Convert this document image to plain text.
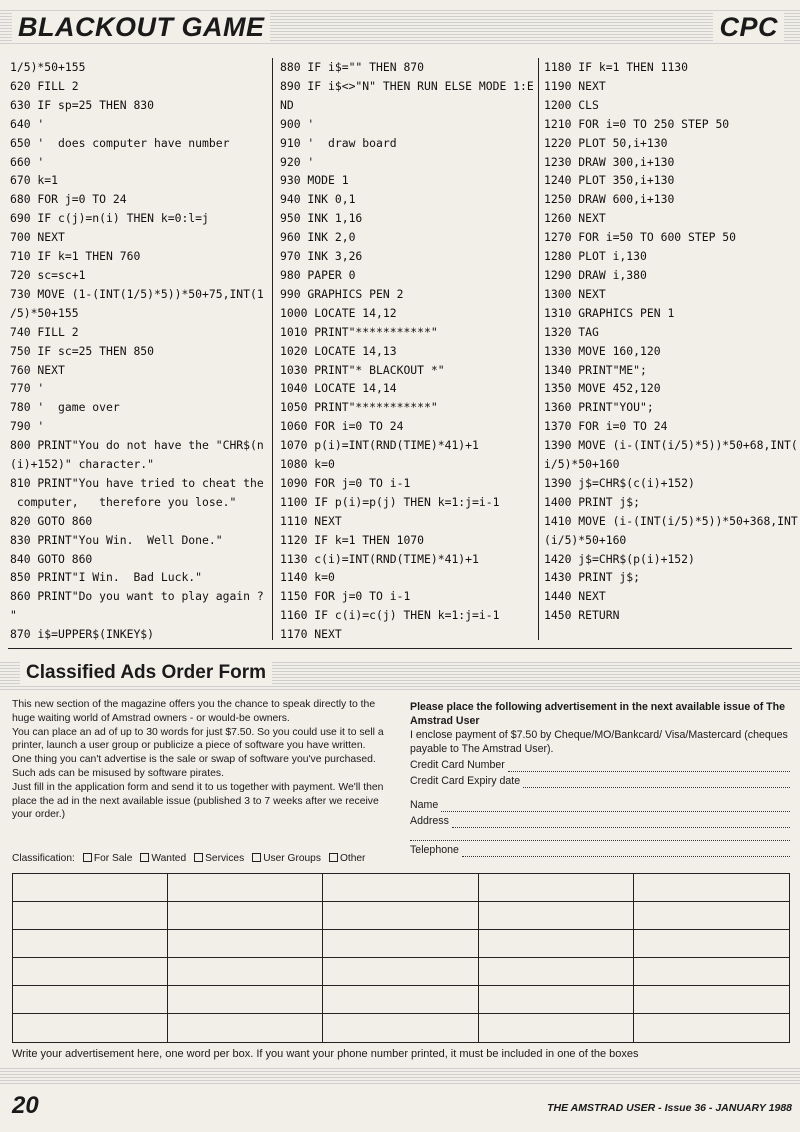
BLACKOUT GAME	CPC
1/5)*50+155
620 FILL 2
630 IF sp=25 THEN 830
640 '
650 '  does computer have number
660 '
670 k=1
680 FOR j=0 TO 24
690 IF c(j)=n(i) THEN k=0:l=j
700 NEXT
710 IF k=1 THEN 760
720 sc=sc+1
730 MOVE (1-(INT(1/5)*5))*50+75,INT(1
/5)*50+155
740 FILL 2
750 IF sc=25 THEN 850
760 NEXT
770 '
780 '  game over
790 '
800 PRINT"You do not have the "CHR$(n
(i)+152)" character."
810 PRINT"You have tried to cheat the
computer,   therefore you lose."
820 GOTO 860
830 PRINT"You Win.  Well Done."
840 GOTO 860
850 PRINT"I Win.  Bad Luck."
860 PRINT"Do you want to play again ?
"
870 i$=UPPER$(INKEY$)
880 IF i$="" THEN 870
890 IF i$<>"N" THEN RUN ELSE MODE 1:E
ND
900 '
910 '  draw board
920 '
930 MODE 1
940 INK 0,1
950 INK 1,16
960 INK 2,0
970 INK 3,26
980 PAPER 0
990 GRAPHICS PEN 2
1000 LOCATE 14,12
1010 PRINT"***********"
1020 LOCATE 14,13
1030 PRINT"* BLACKOUT *"
1040 LOCATE 14,14
1050 PRINT"***********"
1060 FOR i=0 TO 24
1070 p(i)=INT(RND(TIME)*41)+1
1080 k=0
1090 FOR j=0 TO i-1
1100 IF p(i)=p(j) THEN k=1:j=i-1
1110 NEXT
1120 IF k=1 THEN 1070
1130 c(i)=INT(RND(TIME)*41)+1
1140 k=0
1150 FOR j=0 TO i-1
1160 IF c(i)=c(j) THEN k=1:j=i-1
1170 NEXT
1180 IF k=1 THEN 1130
1190 NEXT
1200 CLS
1210 FOR i=0 TO 250 STEP 50
1220 PLOT 50,i+130
1230 DRAW 300,i+130
1240 PLOT 350,i+130
1250 DRAW 600,i+130
1260 NEXT
1270 FOR i=50 TO 600 STEP 50
1280 PLOT i,130
1290 DRAW i,380
1300 NEXT
1310 GRAPHICS PEN 1
1320 TAG
1330 MOVE 160,120
1340 PRINT"ME";
1350 MOVE 452,120
1360 PRINT"YOU";
1370 FOR i=0 TO 24
1390 MOVE (i-(INT(i/5)*5))*50+68,INT(
i/5)*50+160
1390 j$=CHR$(c(i)+152)
1400 PRINT j$;
1410 MOVE (i-(INT(i/5)*5))*50+368,INT
(i/5)*50+160
1420 j$=CHR$(p(i)+152)
1430 PRINT j$;
1440 NEXT
1450 RETURN
Classified Ads Order Form

This new section of the magazine offers you the chance to speak directly to the huge waiting world of Amstrad owners - or would-be owners.

You can place an ad of up to 30 words for just $7.50. So you could use it to sell a printer, launch a user group or publicize a piece of software you have written.

One thing you can't advertise is the sale or swap of software you've purchased. Such ads can be misused by software pirates.

Just fill in the application form and send it to us together with payment. We'll then place the ad in the next available issue (published 3 to 7 weeks after we receive your order.)

Classification:	For Sale	Wanted	Services	User Groups	Other
Please place the following advertisement in the next available issue of The Amstrad User
I enclose payment of $7.50 by Cheque/MO/Bankcard/ Visa/Mastercard (cheques payable to The Amstrad User).
Credit Card Number
Credit Card Expiry date
Name
Address
Telephone
Write your advertisement here, one word per box. If you want your phone number printed, it must be included in one of the boxes
20	THE AMSTRAD USER - Issue 36 - JANUARY 1988
